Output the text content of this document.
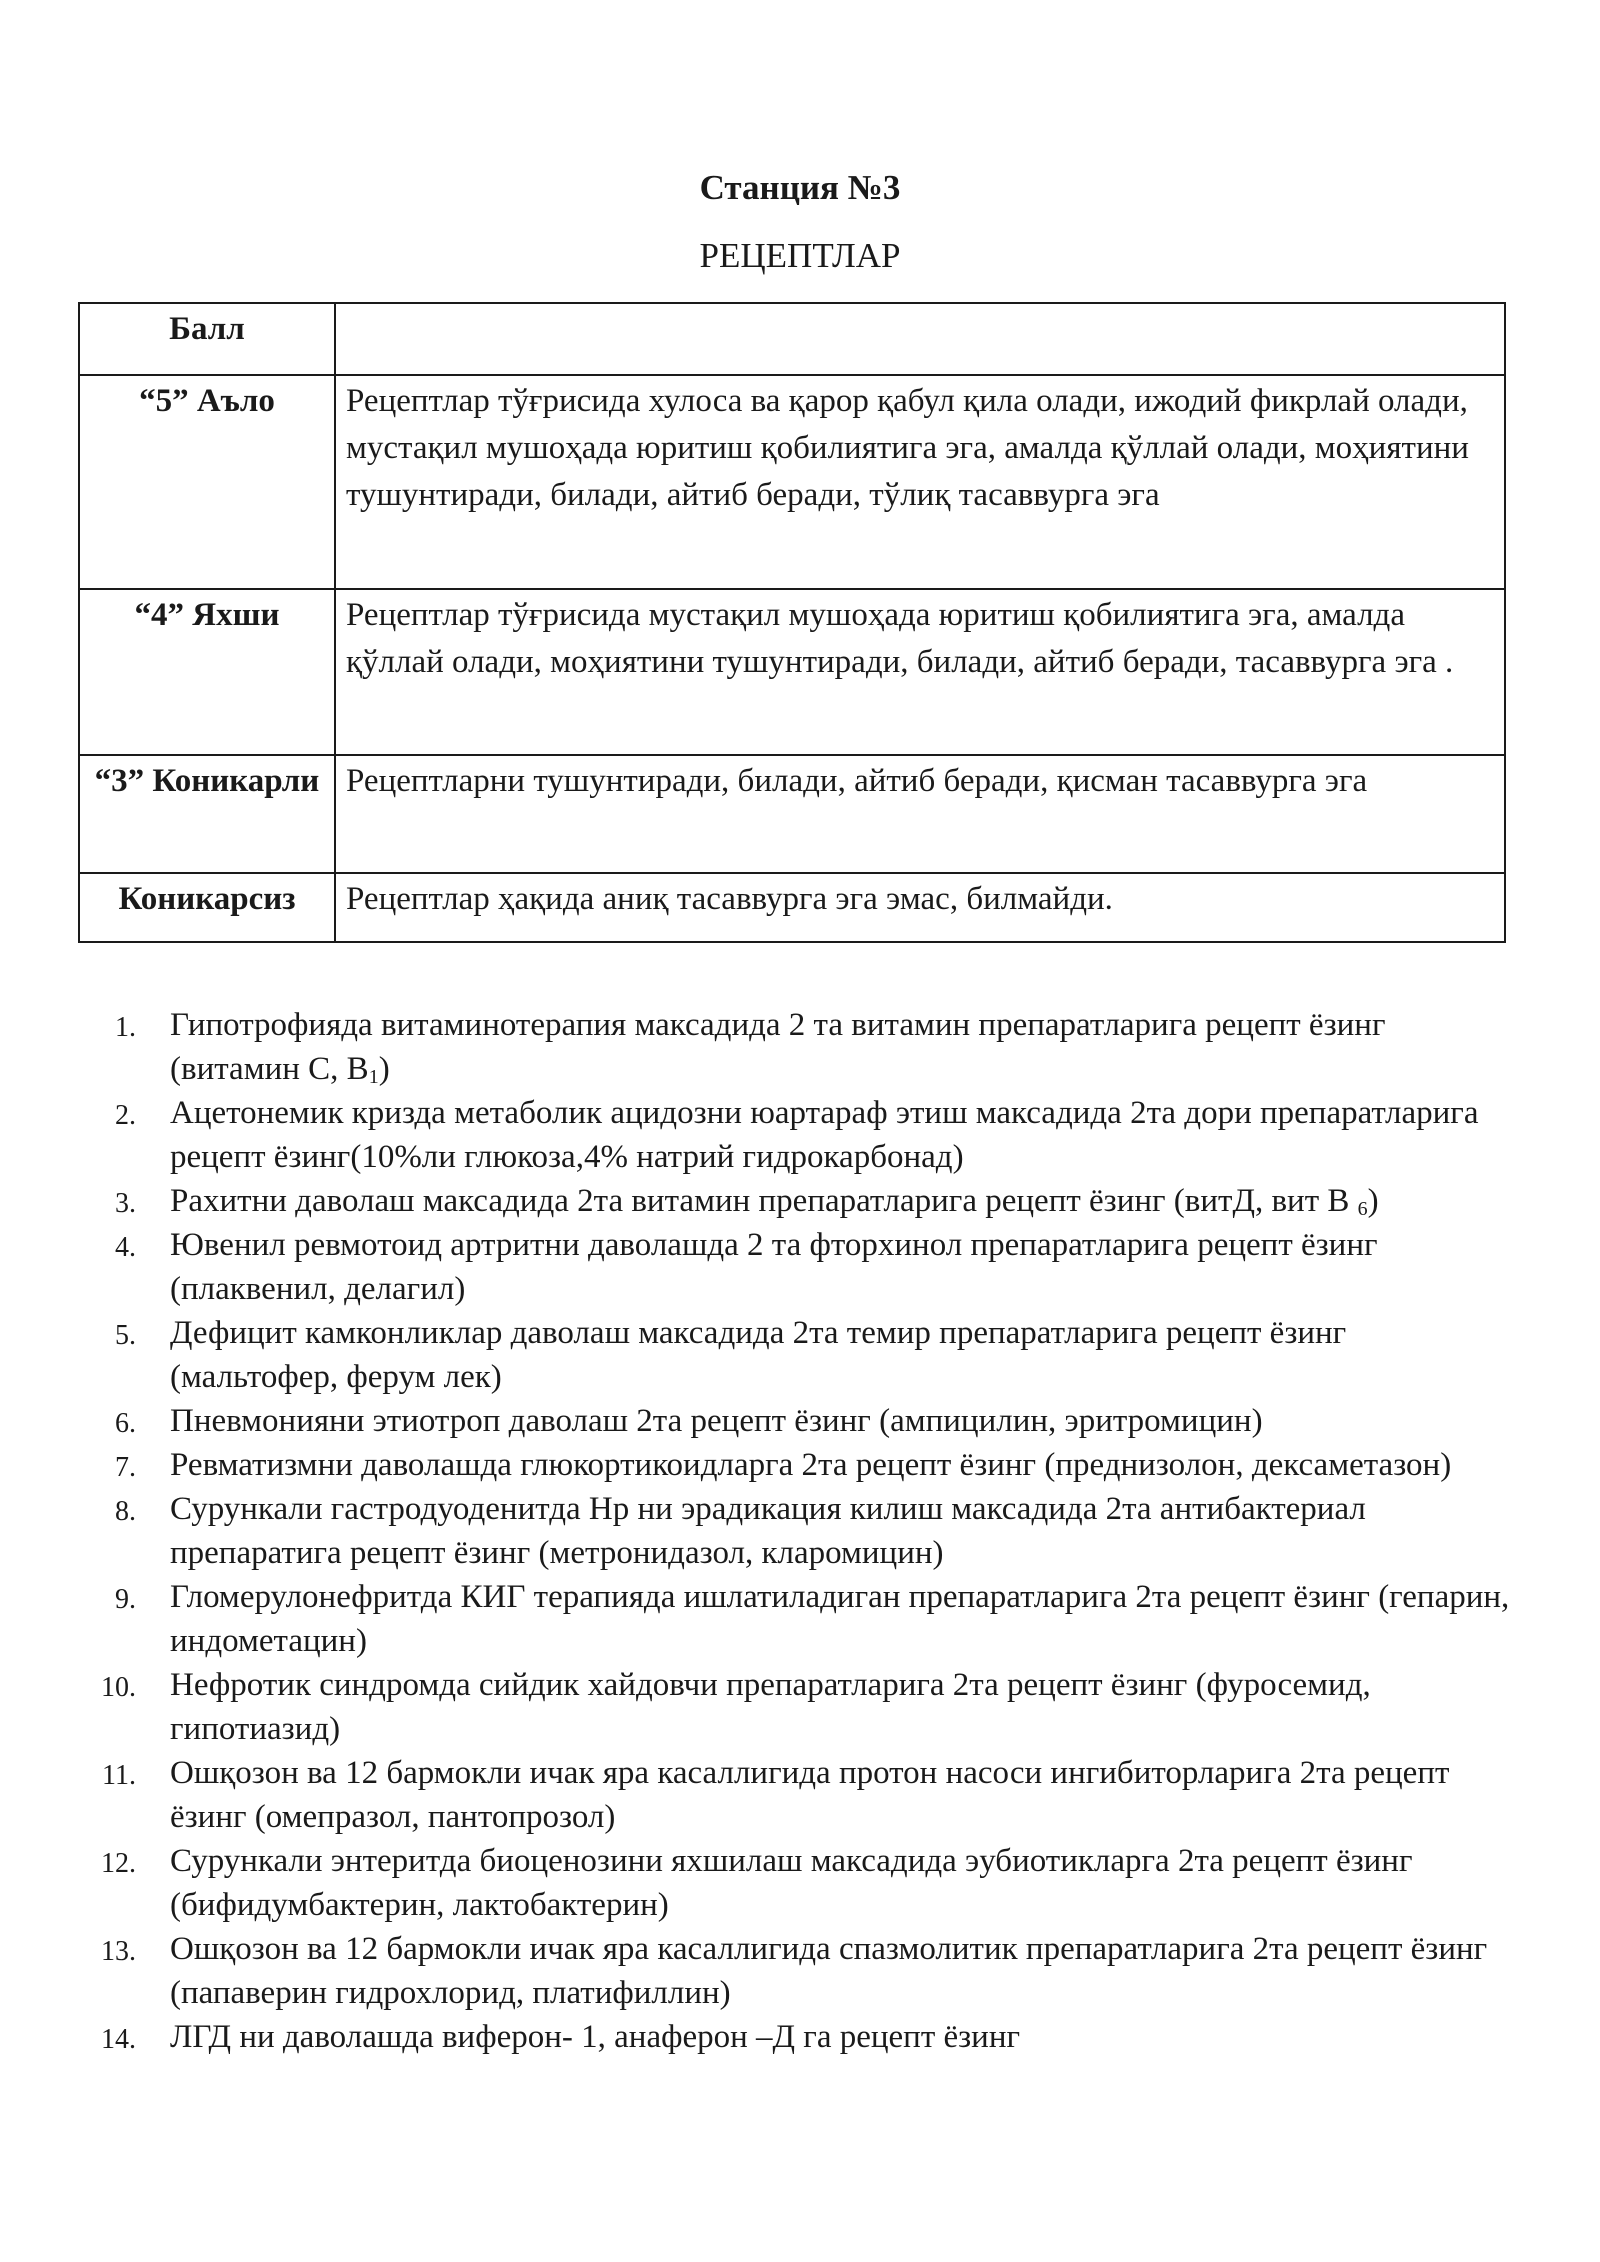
Станция №3
РЕЦЕПТЛАР
Балл	

“5” Аъло	Рецептлар тўғрисида хулоса ва қарор қабул қила олади, ижодий фикрлай олади, мустақил мушоҳада юритиш қобилиятига эга, амалда қўллай олади, моҳиятини тушунтиради, билади, айтиб беради, тўлиқ тасаввурга эга

“4” Яхши	Рецептлар тўғрисида мустақил мушоҳада юритиш қобилиятига эга, амалда қўллай олади, моҳиятини тушунтиради, билади, айтиб беради, тасаввурга эга .

“3” Коникарли	Рецептларни тушунтиради, билади, айтиб беради, қисман тасаввурга эга

Коникарсиз	Рецептлар ҳақида аниқ тасаввурга эга эмас, билмайди.
1. Гипотрофияда витаминотерапия максадида 2 та витамин препаратларига рецепт ёзинг (витамин С, $В_1$)
2. Ацетонемик кризда метаболик ацидозни юартараф этиш максадида 2та дори препаратларига рецепт ёзинг(10%ли глюкоза,4% натрий гидрокарбонад)
3. Рахитни даволаш максадида 2та витамин препаратларига рецепт ёзинг (витД, вит В $_6$)
4. Ювенил ревмотоид артритни даволашда 2 та фторхинол препаратларига рецепт ёзинг (плаквенил, делагил)
5. Дефицит камконликлар даволаш максадида 2та темир препаратларига рецепт ёзинг (мальтофер, ферум лек)
6. Пневмонияни этиотроп даволаш 2та рецепт ёзинг (ампицилин, эритромицин)
7. Ревматизмни даволашда глюкортикоидларга 2та рецепт ёзинг (преднизолон, дексаметазон)
8. Сурункали гастродуоденитда Нр ни эрадикация килиш максадида 2та антибактериал препаратига рецепт ёзинг (метронидазол, кларомицин)
9. Гломерулонефритда КИГ терапияда ишлатиладиган препаратларига 2та рецепт ёзинг (гепарин, индометацин)
10. Нефротик синдромда сийдик хайдовчи препаратларига 2та рецепт ёзинг (фуросемид, гипотиазид)
11. Ошқозон ва 12 бармокли ичак яра касаллигида протон насоси ингибиторларига 2та рецепт ёзинг (омепразол, пантопрозол)
12. Сурункали энтеритда биоценозини яхшилаш максадида эубиотикларга 2та рецепт ёзинг (бифидумбактерин, лактобактерин)
13. Ошқозон ва 12 бармокли ичак яра касаллигида спазмолитик препаратларига 2та рецепт ёзинг (папаверин гидрохлорид, платифиллин)
14. ЛГД ни даволашда виферон- 1, анаферон –Д га рецепт ёзинг
